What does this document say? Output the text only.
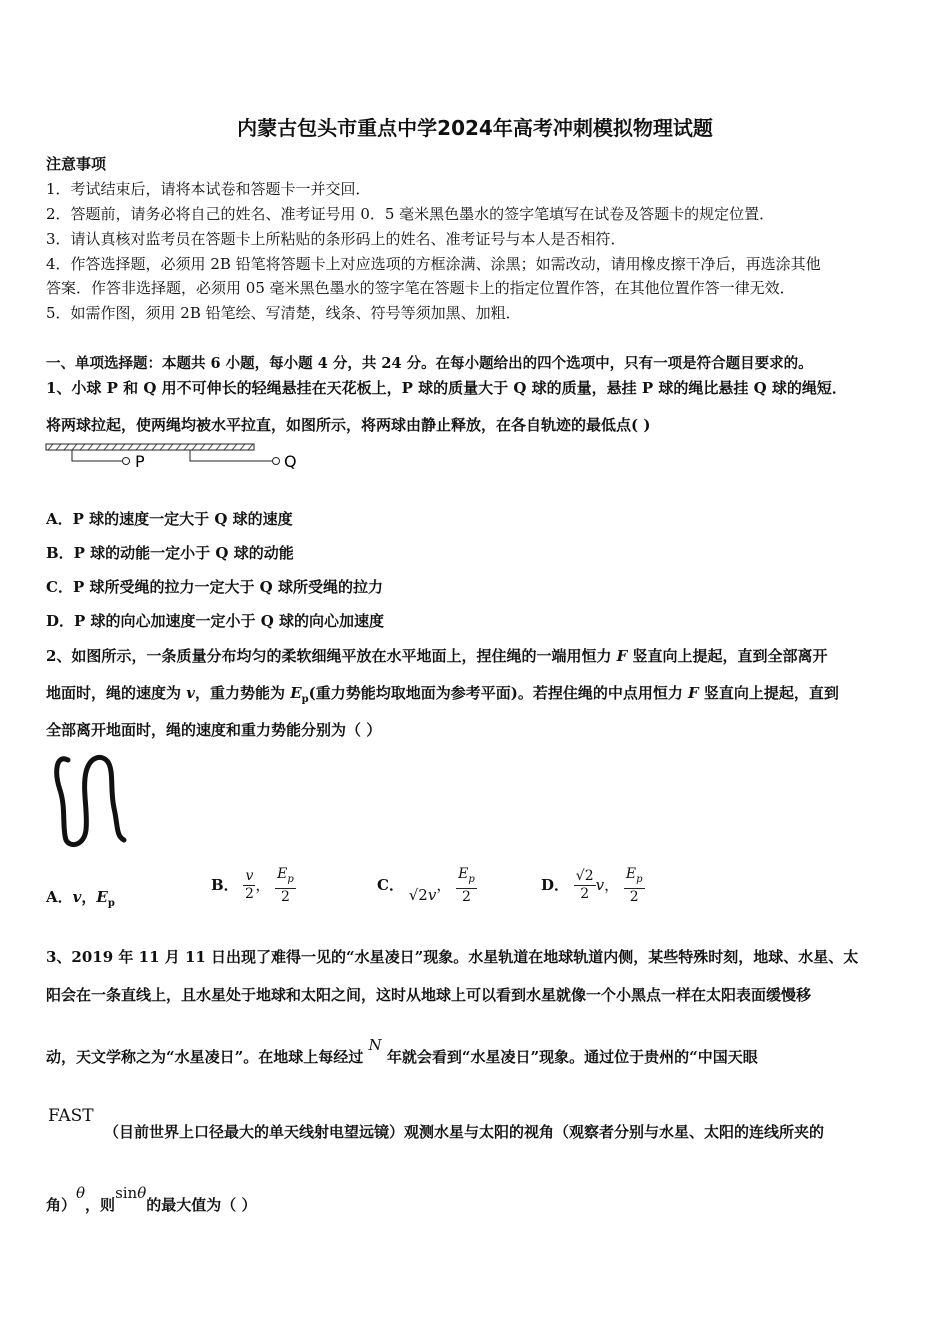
内蒙古包头市重点中学2024年高考冲刺模拟物理试题
注意事项
1．考试结束后，请将本试卷和答题卡一并交回．
2．答题前，请务必将自己的姓名、准考证号用 0．5 毫米黑色墨水的签字笔填写在试卷及答题卡的规定位置．
3．请认真核对监考员在答题卡上所粘贴的条形码上的姓名、准考证号与本人是否相符．
4．作答选择题，必须用 2B 铅笔将答题卡上对应选项的方框涂满、涂黑；如需改动，请用橡皮擦干净后，再选涂其他
答案．作答非选择题，必须用 05 毫米黑色墨水的签字笔在答题卡上的指定位置作答，在其他位置作答一律无效．
5．如需作图，须用 2B 铅笔绘、写清楚，线条、符号等须加黑、加粗．
一、单项选择题：本题共 6 小题，每小题 4 分，共 24 分。在每小题给出的四个选项中，只有一项是符合题目要求的。
1、小球 P 和 Q 用不可伸长的轻绳悬挂在天花板上，P 球的质量大于 Q 球的质量，悬挂 P 球的绳比悬挂 Q 球的绳短．
将两球拉起，使两绳均被水平拉直，如图所示，将两球由静止释放，在各自轨迹的最低点( )
P	Q
A．P 球的速度一定大于 Q 球的速度
B．P 球的动能一定小于 Q 球的动能
C．P 球所受绳的拉力一定大于 Q 球所受绳的拉力
D．P 球的向心加速度一定小于 Q 球的向心加速度
2、如图所示，一条质量分布均匀的柔软细绳平放在水平地面上，捏住绳的一端用恒力 F 竖直向上提起，直到全部离开
地面时，绳的速度为 v，重力势能为 $E_p$(重力势能均取地面为参考平面)。若捏住绳的中点用恒力 F 竖直向上提起，直到
全部离开地面时，绳的速度和重力势能分别为（ ）
A．v，$E_p$
B． $\frac{v}{2}$ ， $\frac{E_p}{2}$	C． √2v， $\frac{E_p}{2}$	D． $\frac{√2}{2}$ v， $\frac{E_p}{2}$
3、2019 年 11 月 11 日出现了难得一见的“水星凌日”现象。水星轨道在地球轨道内侧，某些特殊时刻，地球、水星、太
阳会在一条直线上，且水星处于地球和太阳之间，这时从地球上可以看到水星就像一个小黑点一样在太阳表面缓慢移
动，天文学称之为“水星凌日”。在地球上每经过 N 年就会看到“水星凌日”现象。通过位于贵州的“中国天眼
FAST
（目前世界上口径最大的单天线射电望远镜）观测水星与太阳的视角（观察者分别与水星、太阳的连线所夹的
角）θ，则sinθ的最大值为（ ）
